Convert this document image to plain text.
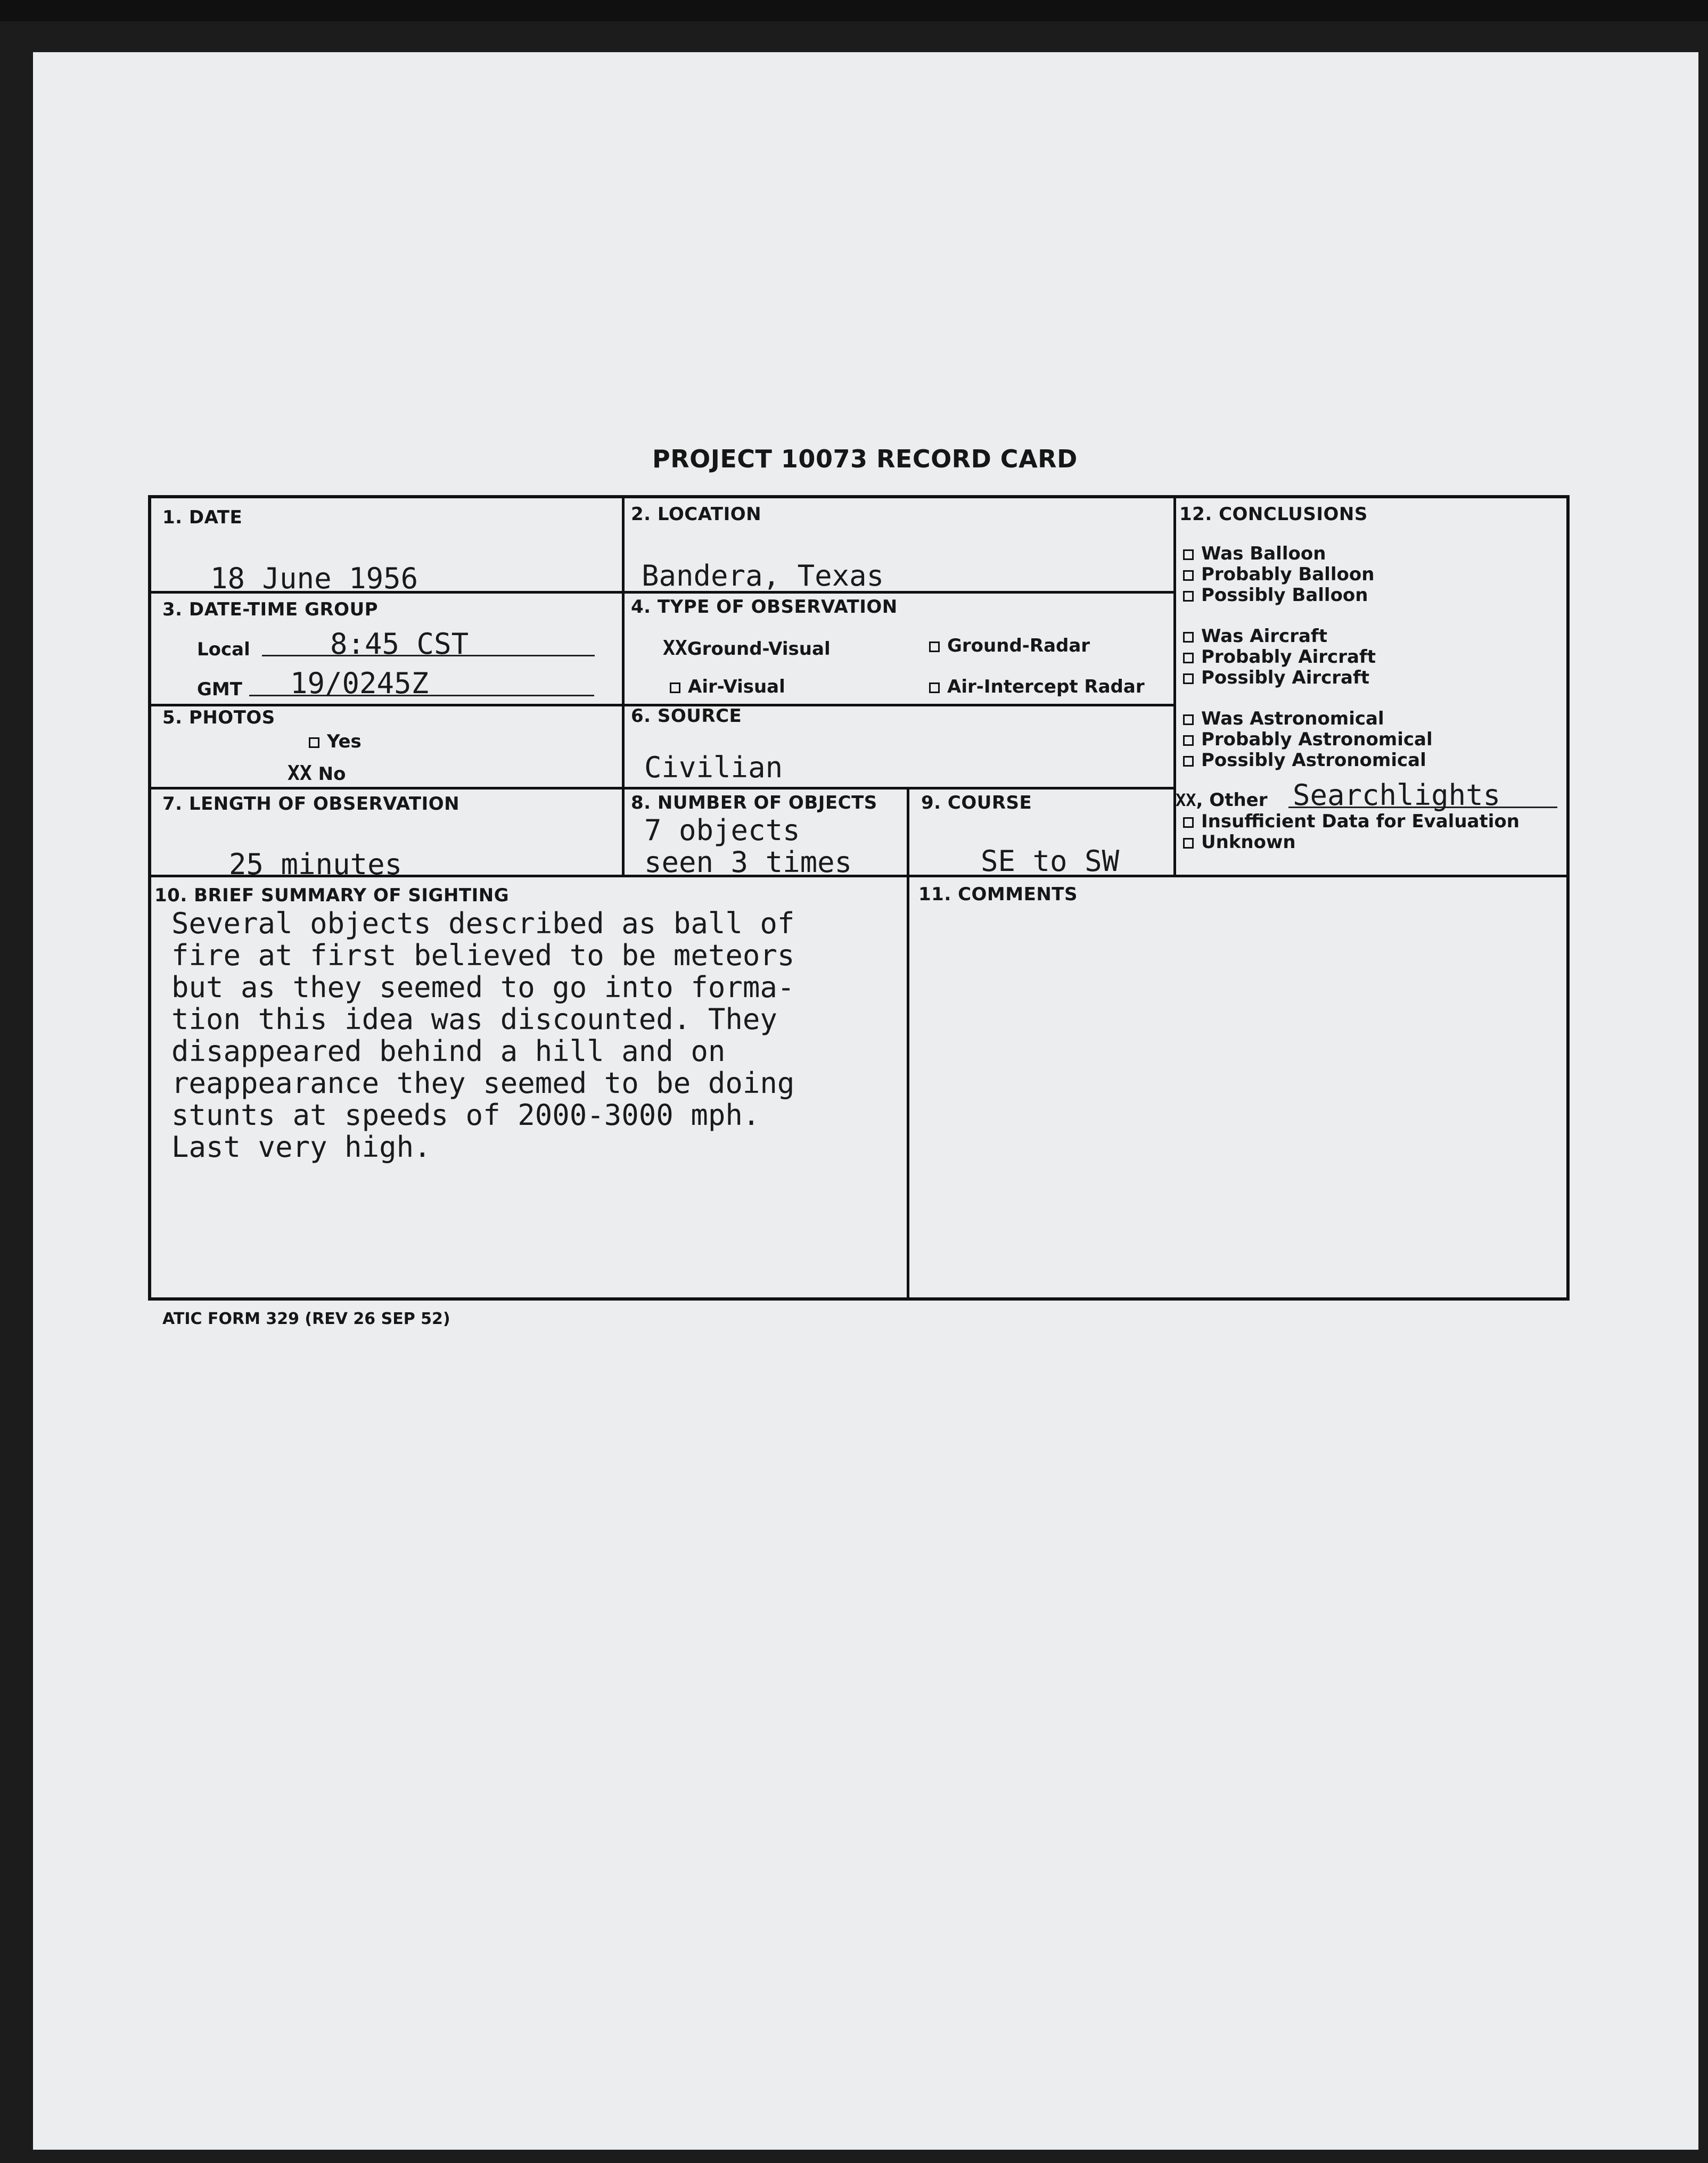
PROJECT 10073 RECORD CARD
1. DATE
18 June 1956
2. LOCATION
Bandera, Texas
3. DATE-TIME GROUP
Local	8:45 CST
GMT 19/0245Z
4. TYPE OF OBSERVATION
XXGround-Visual	Ground-Radar
Air-Visual	Air-Intercept Radar
5. PHOTOS
Yes
XX No
6. SOURCE
Civilian
7. LENGTH OF OBSERVATION
25 minutes
8. NUMBER OF OBJECTS
7 objects
seen 3 times
9. COURSE
SE to SW
10. BRIEF SUMMARY OF SIGHTING
Several objects described as ball of
fire at first believed to be meteors
but as they seemed to go into forma-
tion this idea was discounted. They
disappeared behind a hill and on
reappearance they seemed to be doing
stunts at speeds of 2000-3000 mph.
Last very high.
11. COMMENTS
12. CONCLUSIONS
Was Balloon
Probably Balloon
Possibly Balloon
Was Aircraft
Probably Aircraft
Possibly Aircraft
Was Astronomical
Probably Astronomical
Possibly Astronomical
XX, Other Searchlights
Insufficient Data for Evaluation
Unknown
ATIC FORM 329 (REV 26 SEP 52)
